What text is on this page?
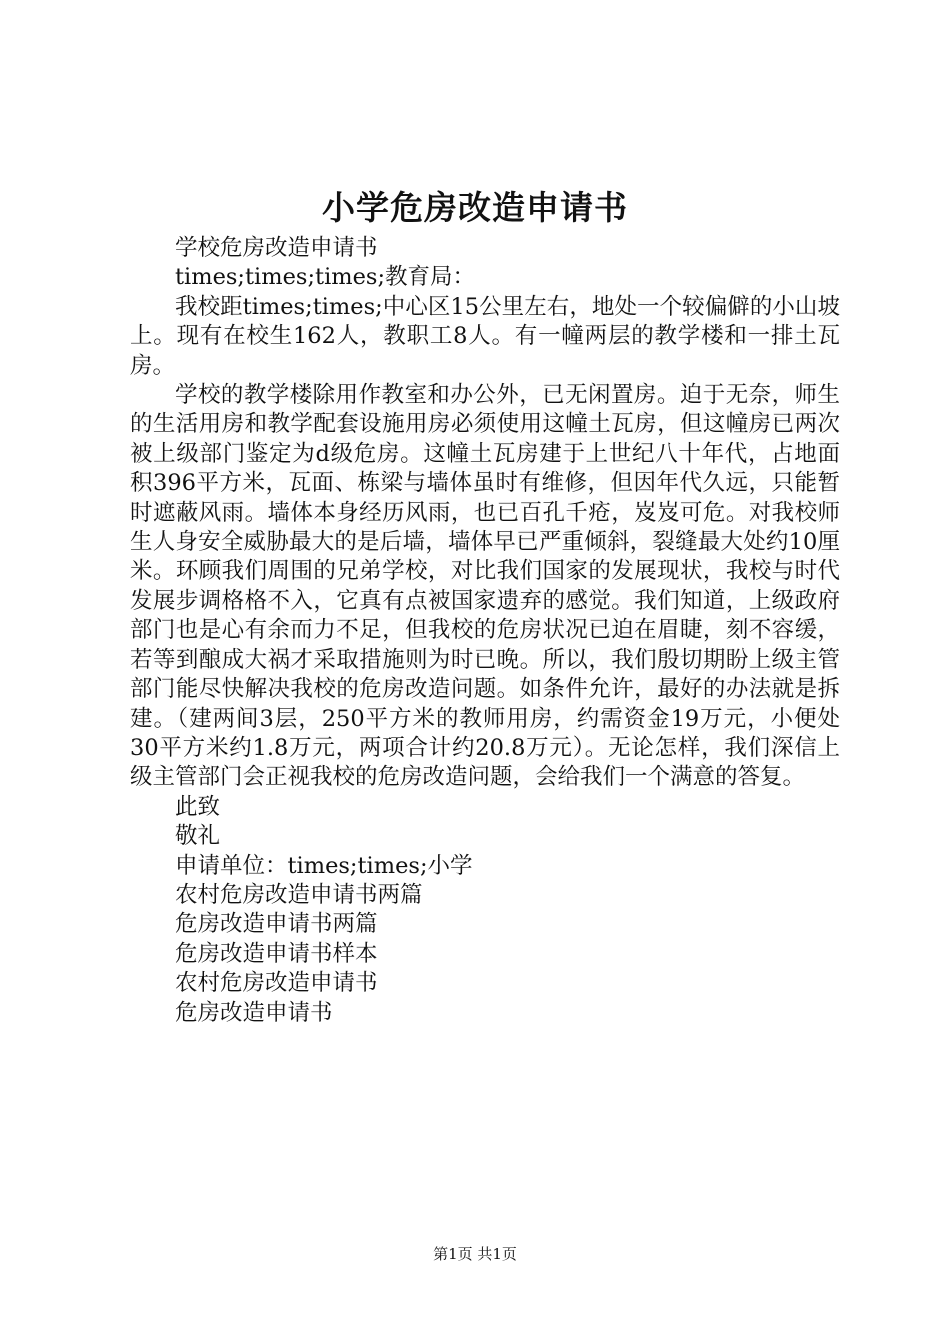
小学危房改造申请书

学校危房改造申请书

times;times;times;教育局：

我校距times;times;中心区15公里左右，地处一个较偏僻的小山坡上。现有在校生162人，教职工8人。有一幢两层的教学楼和一排土瓦房。

学校的教学楼除用作教室和办公外，已无闲置房。迫于无奈，师生的生活用房和教学配套设施用房必须使用这幢土瓦房，但这幢房已两次被上级部门鉴定为d级危房。这幢土瓦房建于上世纪八十年代，占地面积396平方米，瓦面、栋梁与墙体虽时有维修，但因年代久远，只能暂时遮蔽风雨。墙体本身经历风雨，也已百孔千疮，岌岌可危。对我校师生人身安全威胁最大的是后墙，墙体早已严重倾斜，裂缝最大处约10厘米。环顾我们周围的兄弟学校，对比我们国家的发展现状，我校与时代发展步调格格不入，它真有点被国家遗弃的感觉。我们知道，上级政府部门也是心有余而力不足，但我校的危房状况已迫在眉睫，刻不容缓，若等到酿成大祸才采取措施则为时已晚。所以，我们殷切期盼上级主管部门能尽快解决我校的危房改造问题。如条件允许，最好的办法就是拆建。（建两间3层，250平方米的教师用房，约需资金19万元，小便处30平方米约1.8万元，两项合计约20.8万元）。无论怎样，我们深信上级主管部门会正视我校的危房改造问题，会给我们一个满意的答复。

此致

敬礼

申请单位：times;times;小学

农村危房改造申请书两篇

危房改造申请书两篇

危房改造申请书样本

农村危房改造申请书

危房改造申请书

第1页 共1页
